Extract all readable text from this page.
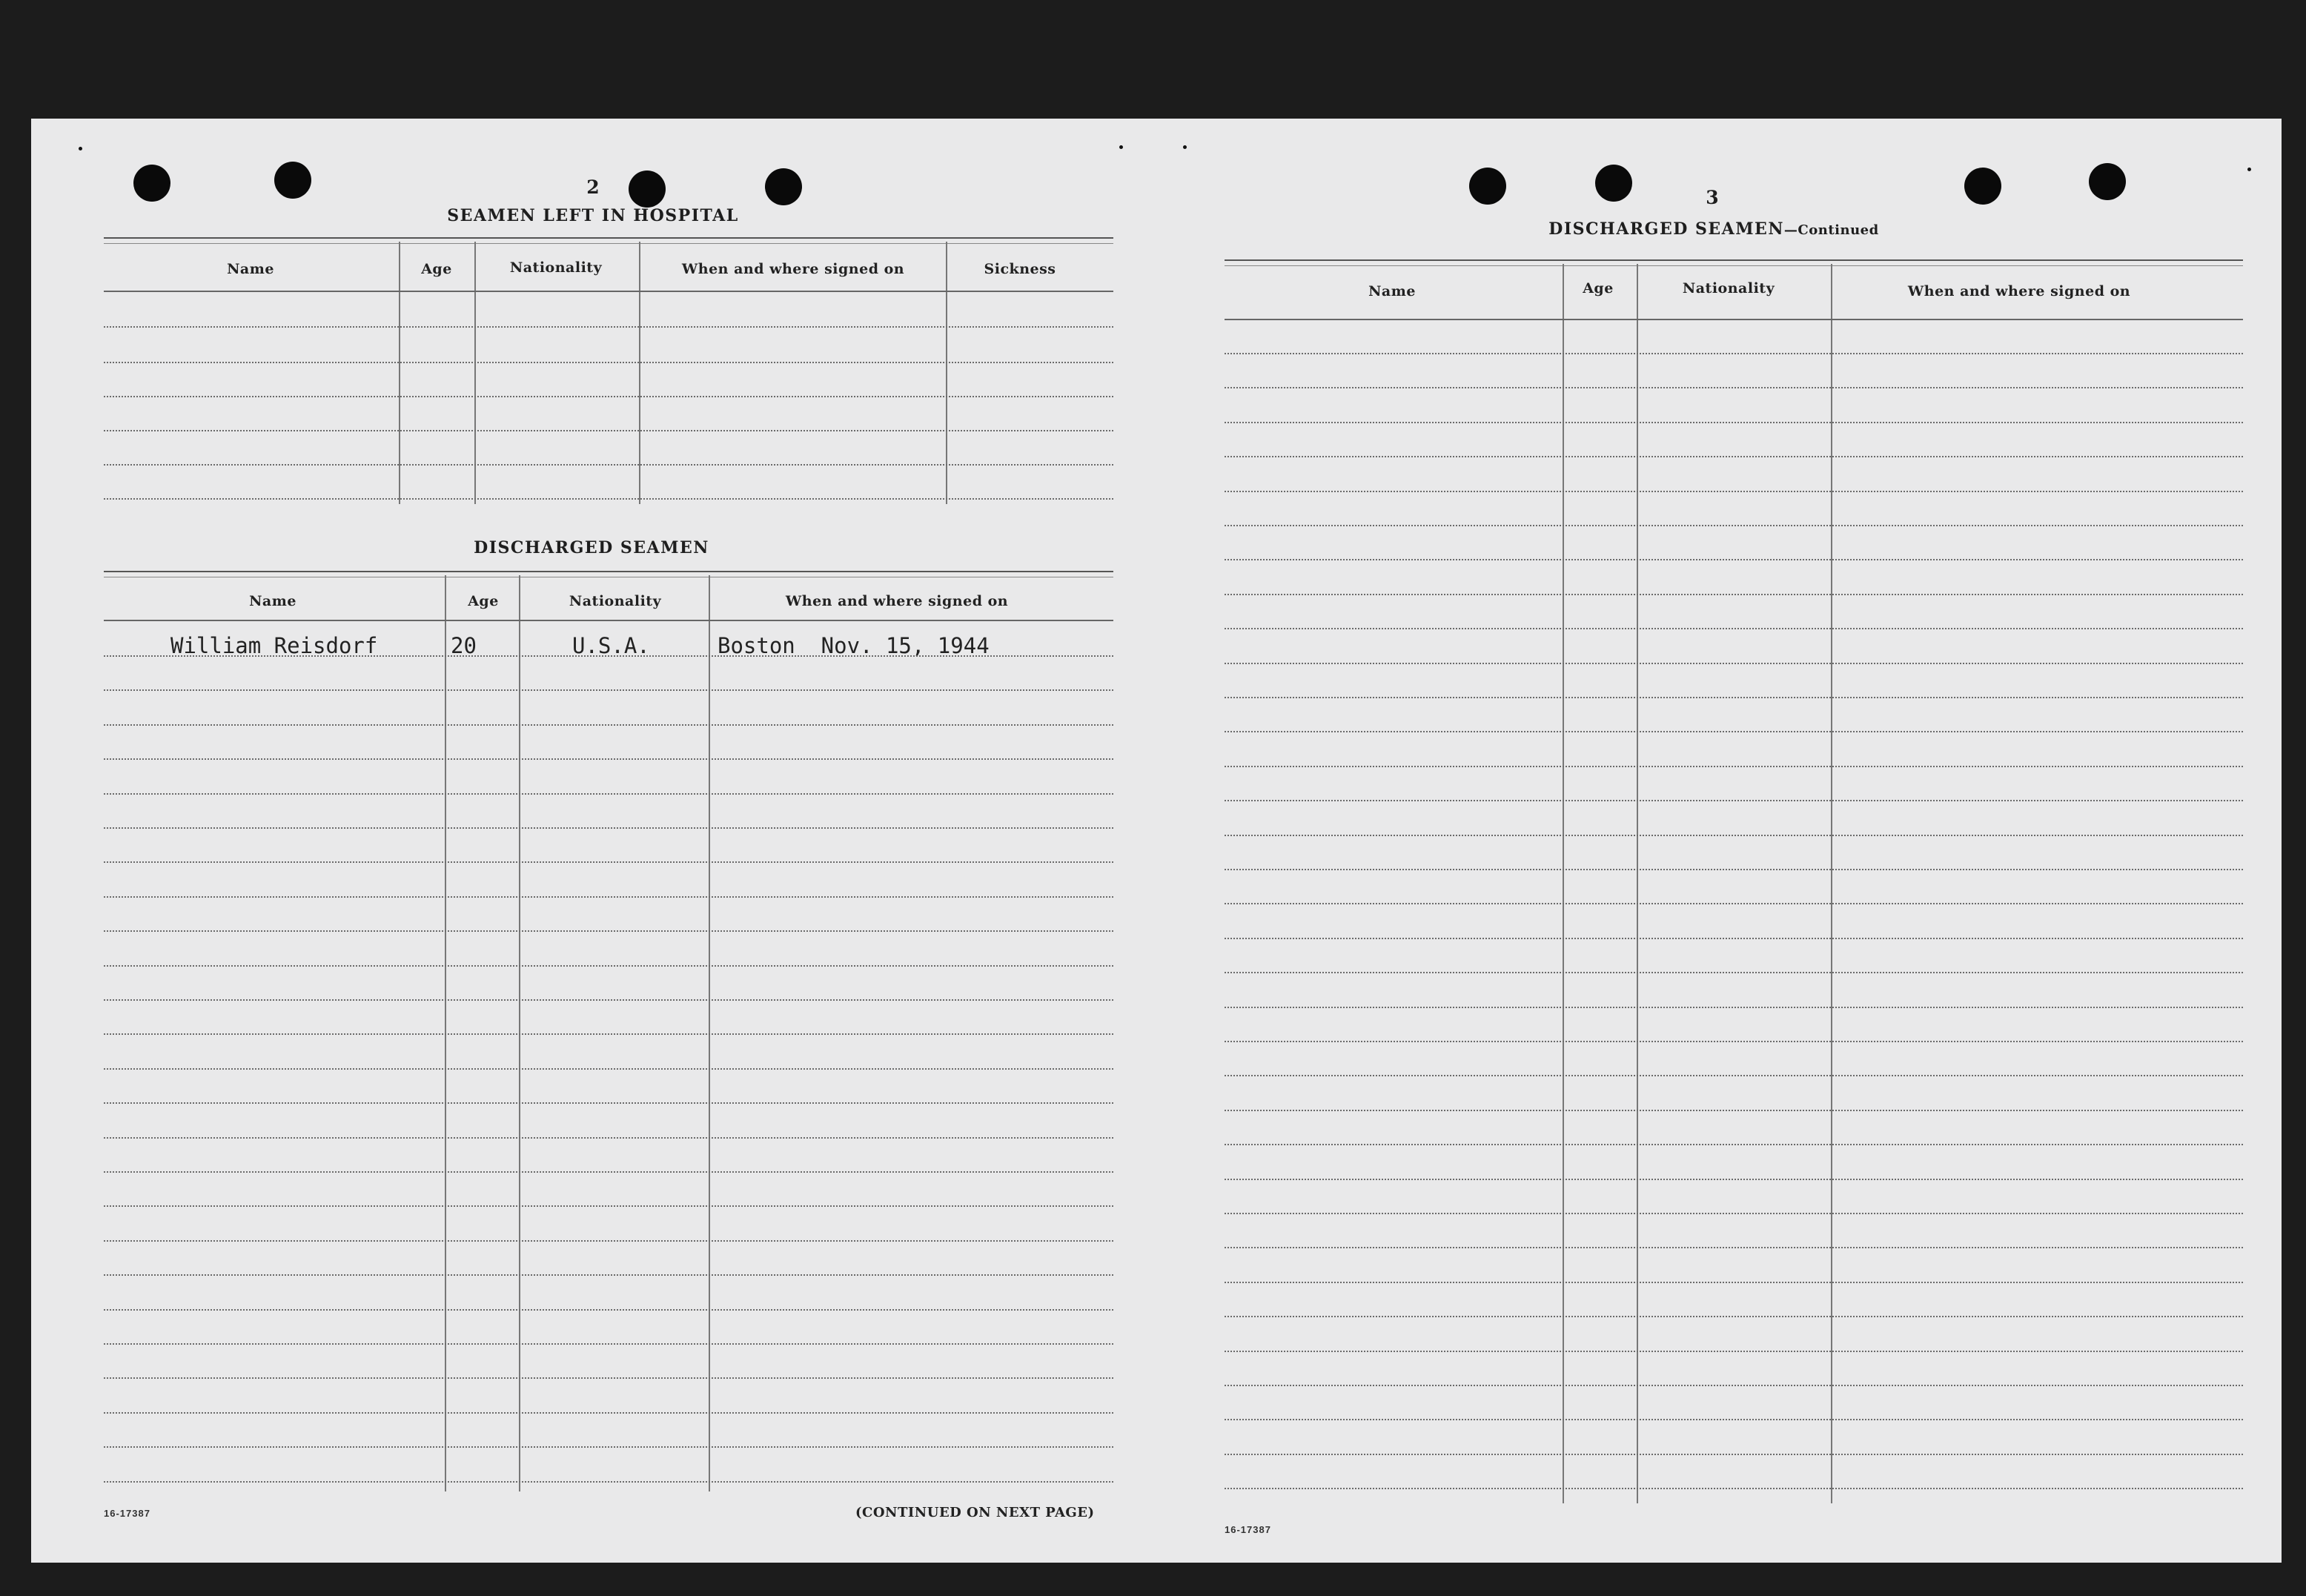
2
SEAMEN LEFT IN HOSPITAL
Name	Age	Nationality	When and where signed on	Sickness
DISCHARGED SEAMEN
Name	Age	Nationality	When and where signed on
William Reisdorf	20	U.S.A.	Boston  Nov. 15, 1944
16-17387	(CONTINUED ON NEXT PAGE)
3
DISCHARGED SEAMEN—Continued
Name	Age	Nationality	When and where signed on
16-17387
